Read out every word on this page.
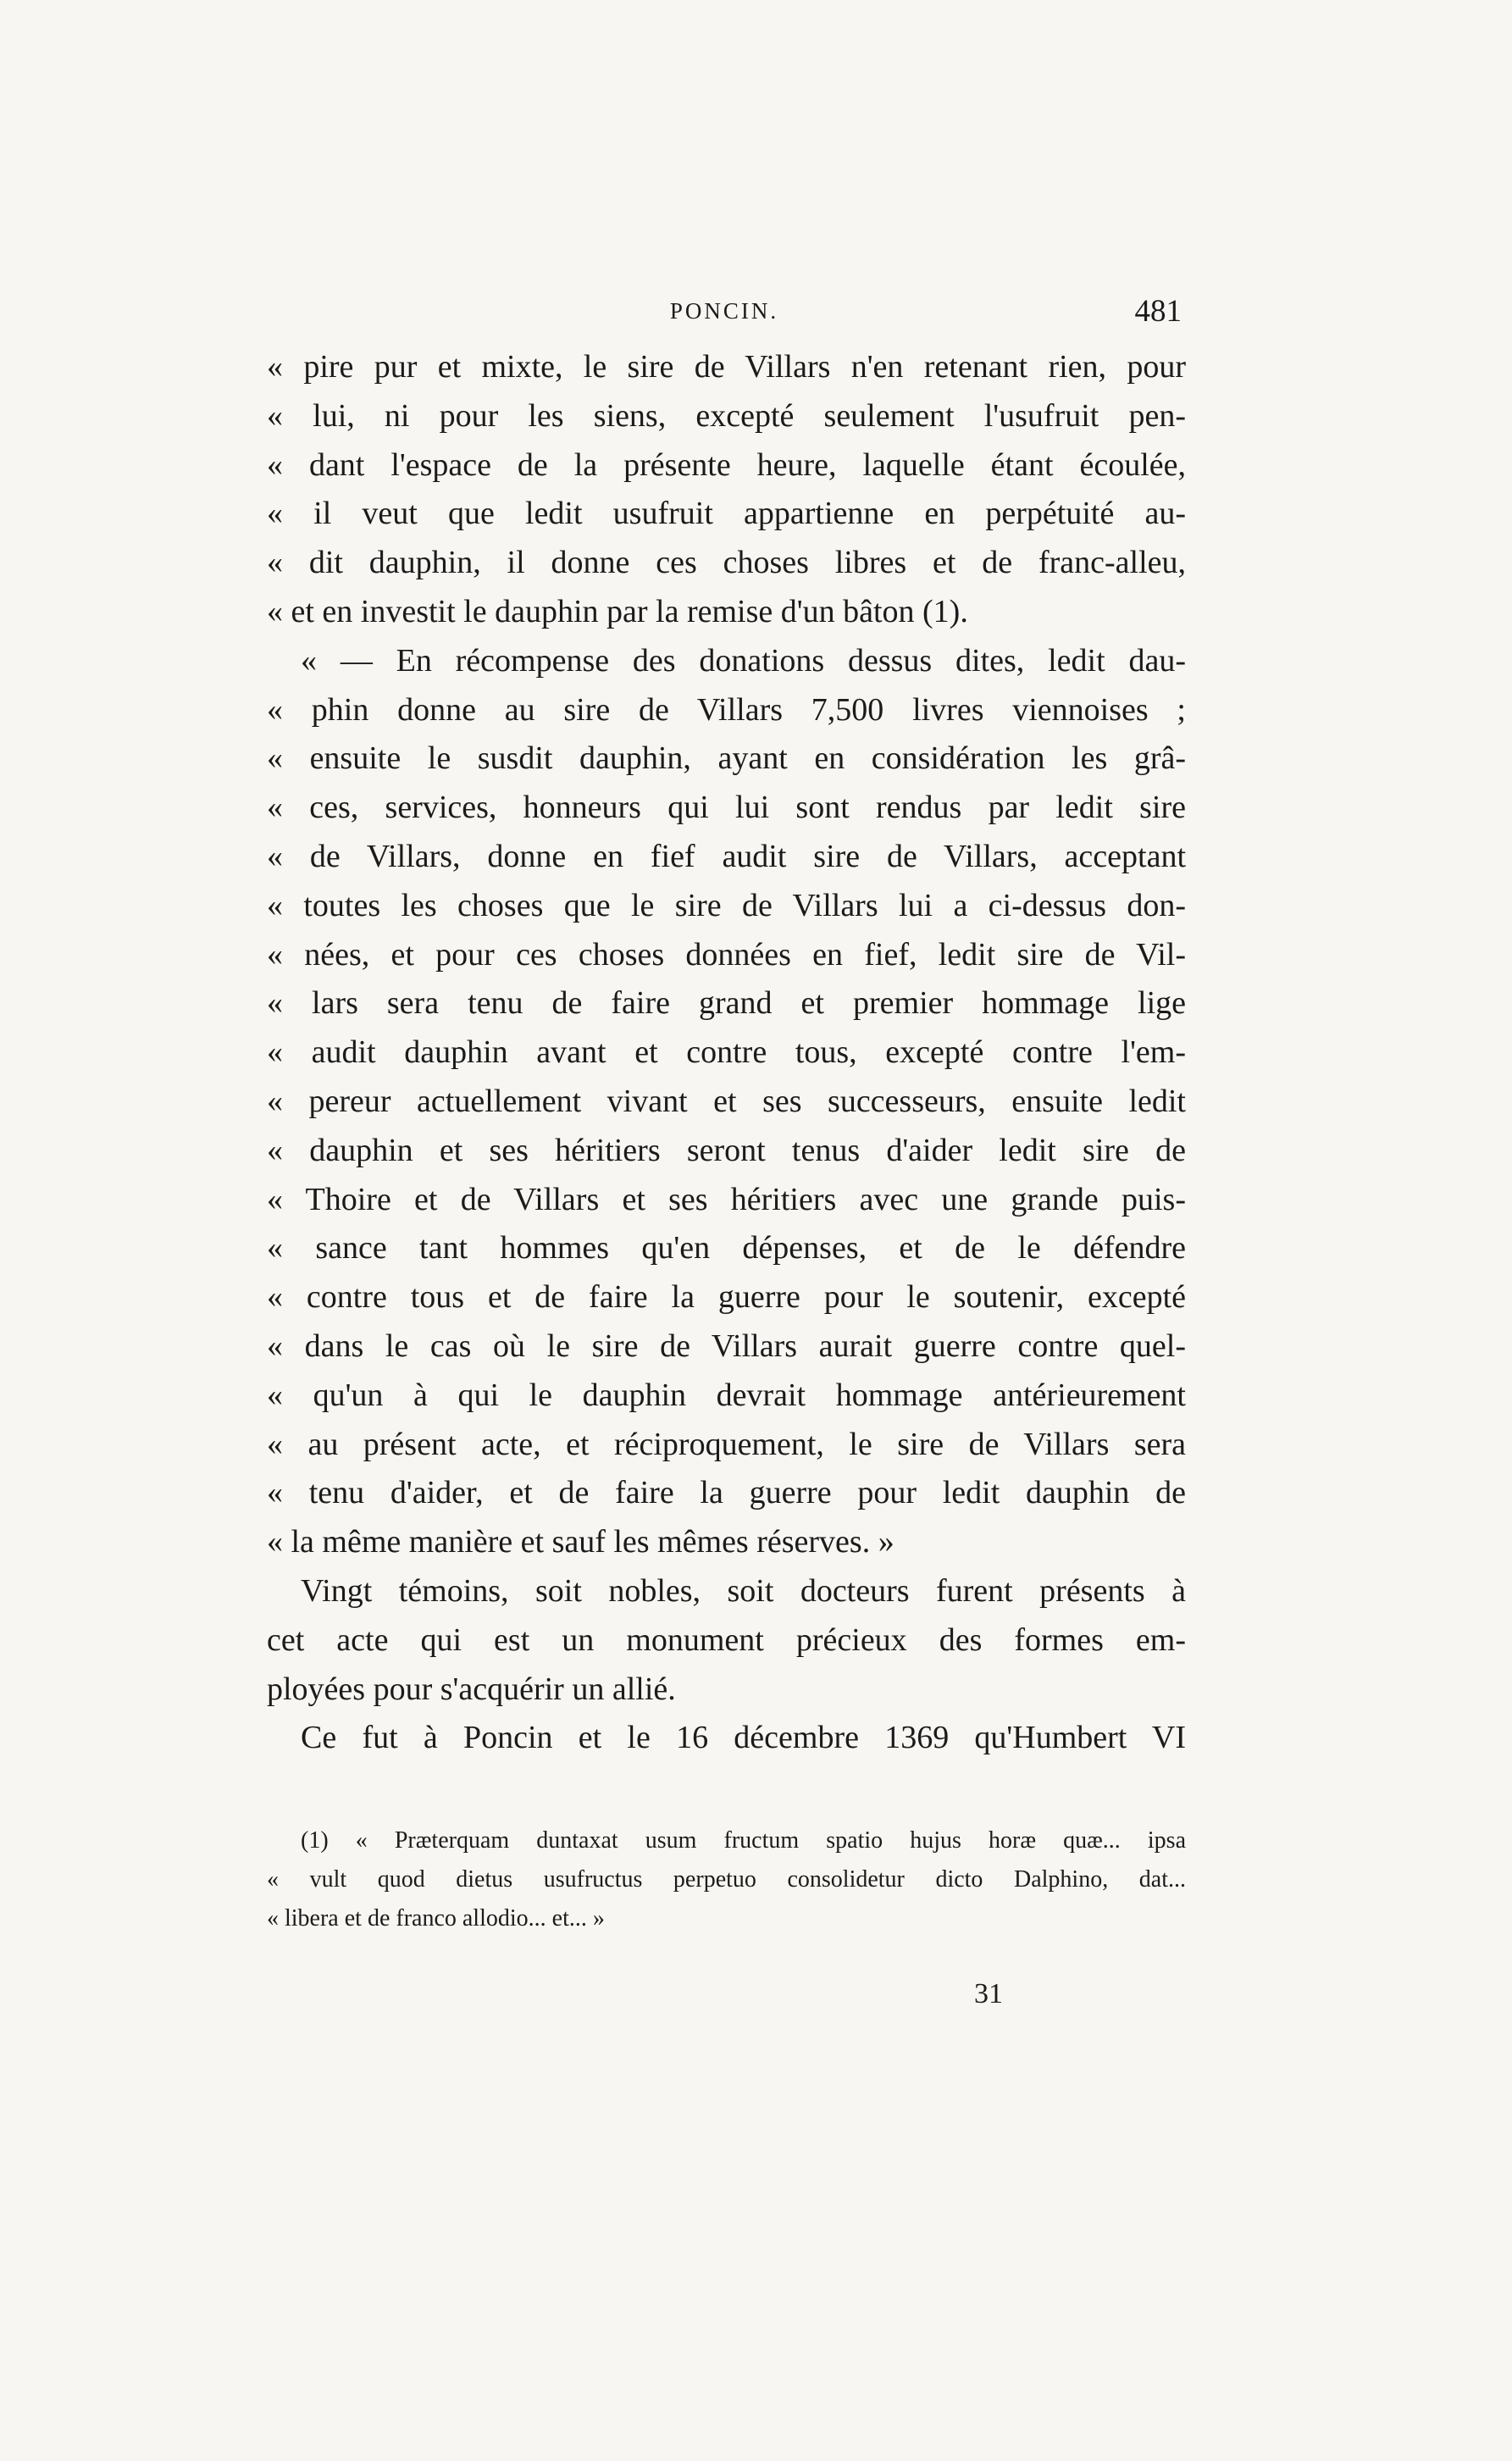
PONCIN.	481
« pire pur et mixte, le sire de Villars n'en retenant rien, pour
« lui, ni pour les siens, excepté seulement l'usufruit pen-
« dant l'espace de la présente heure, laquelle étant écoulée,
« il veut que ledit usufruit appartienne en perpétuité au-
« dit dauphin, il donne ces choses libres et de franc-alleu,
« et en investit le dauphin par la remise d'un bâton (1).
« — En récompense des donations dessus dites, ledit dau-
« phin donne au sire de Villars 7,500 livres viennoises ;
« ensuite le susdit dauphin, ayant en considération les grâ-
« ces, services, honneurs qui lui sont rendus par ledit sire
« de Villars, donne en fief audit sire de Villars, acceptant
« toutes les choses que le sire de Villars lui a ci-dessus don-
« nées, et pour ces choses données en fief, ledit sire de Vil-
« lars sera tenu de faire grand et premier hommage lige
« audit dauphin avant et contre tous, excepté contre l'em-
« pereur actuellement vivant et ses successeurs, ensuite ledit
« dauphin et ses héritiers seront tenus d'aider ledit sire de
« Thoire et de Villars et ses héritiers avec une grande puis-
« sance tant hommes qu'en dépenses, et de le défendre
« contre tous et de faire la guerre pour le soutenir, excepté
« dans le cas où le sire de Villars aurait guerre contre quel-
« qu'un à qui le dauphin devrait hommage antérieurement
« au présent acte, et réciproquement, le sire de Villars sera
« tenu d'aider, et de faire la guerre pour ledit dauphin de
« la même manière et sauf les mêmes réserves. »
Vingt témoins, soit nobles, soit docteurs furent présents à
cet acte qui est un monument précieux des formes em-
ployées pour s'acquérir un allié.
Ce fut à Poncin et le 16 décembre 1369 qu'Humbert VI
(1) « Præterquam duntaxat usum fructum spatio hujus horæ quæ... ipsa
« vult quod dietus usufructus perpetuo consolidetur dicto Dalphino, dat...
« libera et de franco allodio... et... »
31
